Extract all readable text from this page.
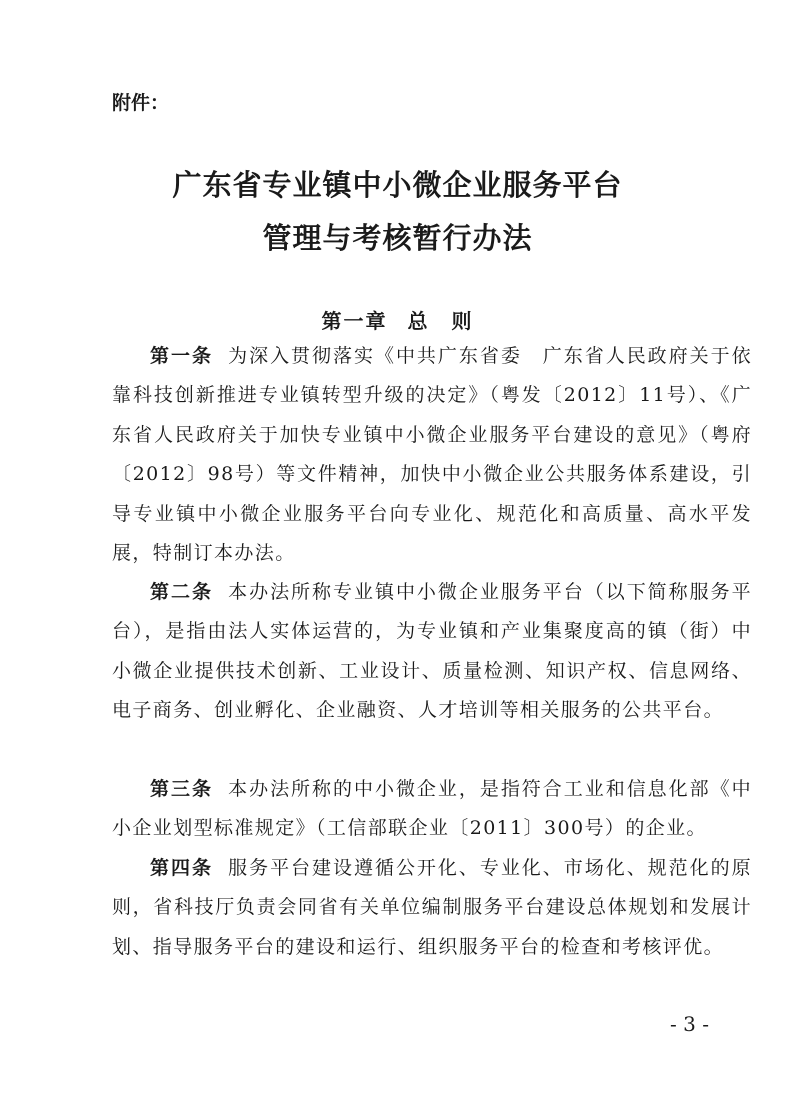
附件：
广东省专业镇中小微企业服务平台
管理与考核暂行办法
第一章 总　则

第一条 为深入贯彻落实《中共广东省委　广东省人民政府关于依靠科技创新推进专业镇转型升级的决定》（粤发〔2012〕11号）、《广东省人民政府关于加快专业镇中小微企业服务平台建设的意见》（粤府〔2012〕98号）等文件精神，加快中小微企业公共服务体系建设，引导专业镇中小微企业服务平台向专业化、规范化和高质量、高水平发展，特制订本办法。

第二条 本办法所称专业镇中小微企业服务平台（以下简称服务平台），是指由法人实体运营的，为专业镇和产业集聚度高的镇（街）中小微企业提供技术创新、工业设计、质量检测、知识产权、信息网络、电子商务、创业孵化、企业融资、人才培训等相关服务的公共平台。

第三条 本办法所称的中小微企业，是指符合工业和信息化部《中小企业划型标准规定》（工信部联企业〔2011〕300号）的企业。

第四条 服务平台建设遵循公开化、专业化、市场化、规范化的原则，省科技厅负责会同省有关单位编制服务平台建设总体规划和发展计划、指导服务平台的建设和运行、组织服务平台的检查和考核评优。

- 3 -
